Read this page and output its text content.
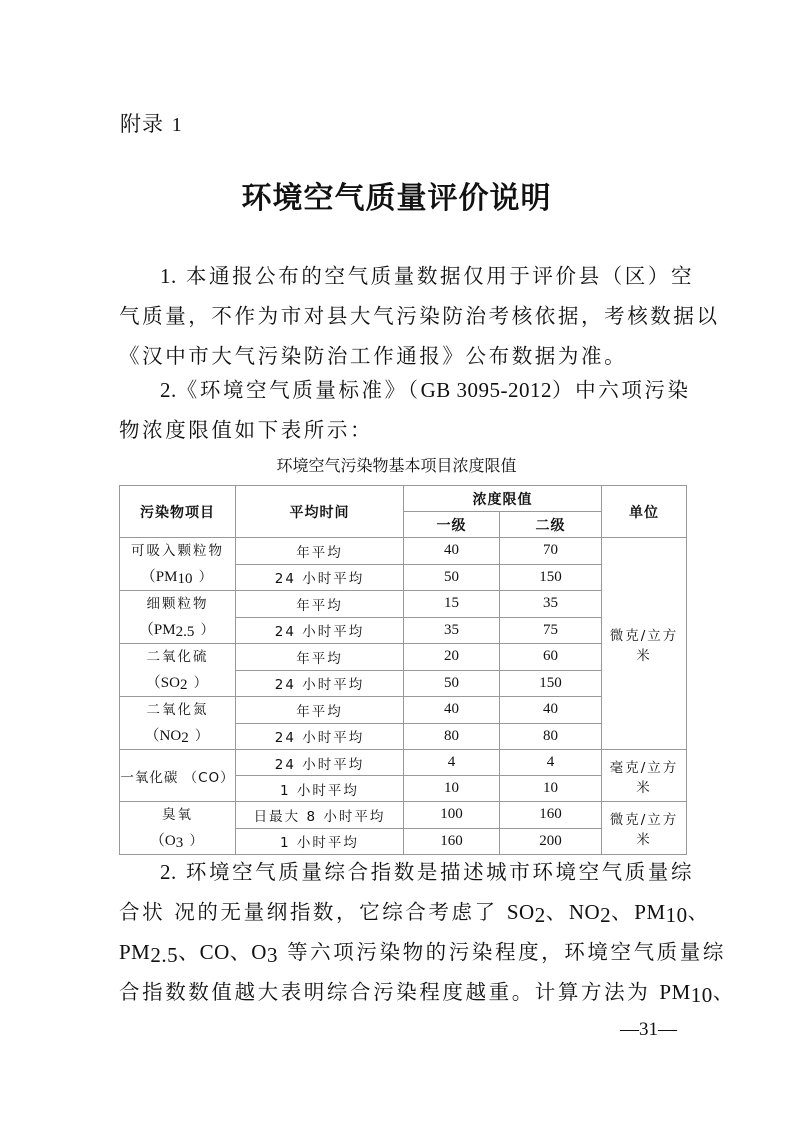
附录 1
环境空气质量评价说明
1. 本通报公布的空气质量数据仅用于评价县（区）空
气质量，不作为市对县大气污染防治考核依据，考核数据以
《汉中市大气污染防治工作通报》公布数据为准。
2.《环境空气质量标准》（GB 3095-2012）中六项污染
物浓度限值如下表所示：
环境空气污染物基本项目浓度限值
污染物项目	平均时间	浓度限值		单位
		一级	二级	

可吸入颗粒物
（$PM_{10}$ ）	年平均	40	70	微克/立方米
	24 小时平均	50	150	

细颗粒物
（$PM_{2.5}$ ）	年平均	15	35	
	24 小时平均	35	75	

二氧化硫
（$SO_2$ ）	年平均	20	60	
	24 小时平均	50	150	

二氧化氮
（$NO_2$ ）	年平均	40	40	
	24 小时平均	80	80	
一氧化碳 （CO）	24 小时平均	4	4	毫克/立方米
	1 小时平均	10	10	

臭氧
（$O_3$ ）	日最大 8 小时平均	100	160	微克/立方米
	1 小时平均	160	200	
2. 环境空气质量综合指数是描述城市环境空气质量综
合状 况的无量纲指数，它综合考虑了 $SO_2$、$NO_2$、$PM_{10}$、
$PM_{2.5}$、CO、$O_3$ 等六项污染物的污染程度，环境空气质量综
合指数数值越大表明综合污染程度越重。计算方法为 $PM_{10}$、
—31—
